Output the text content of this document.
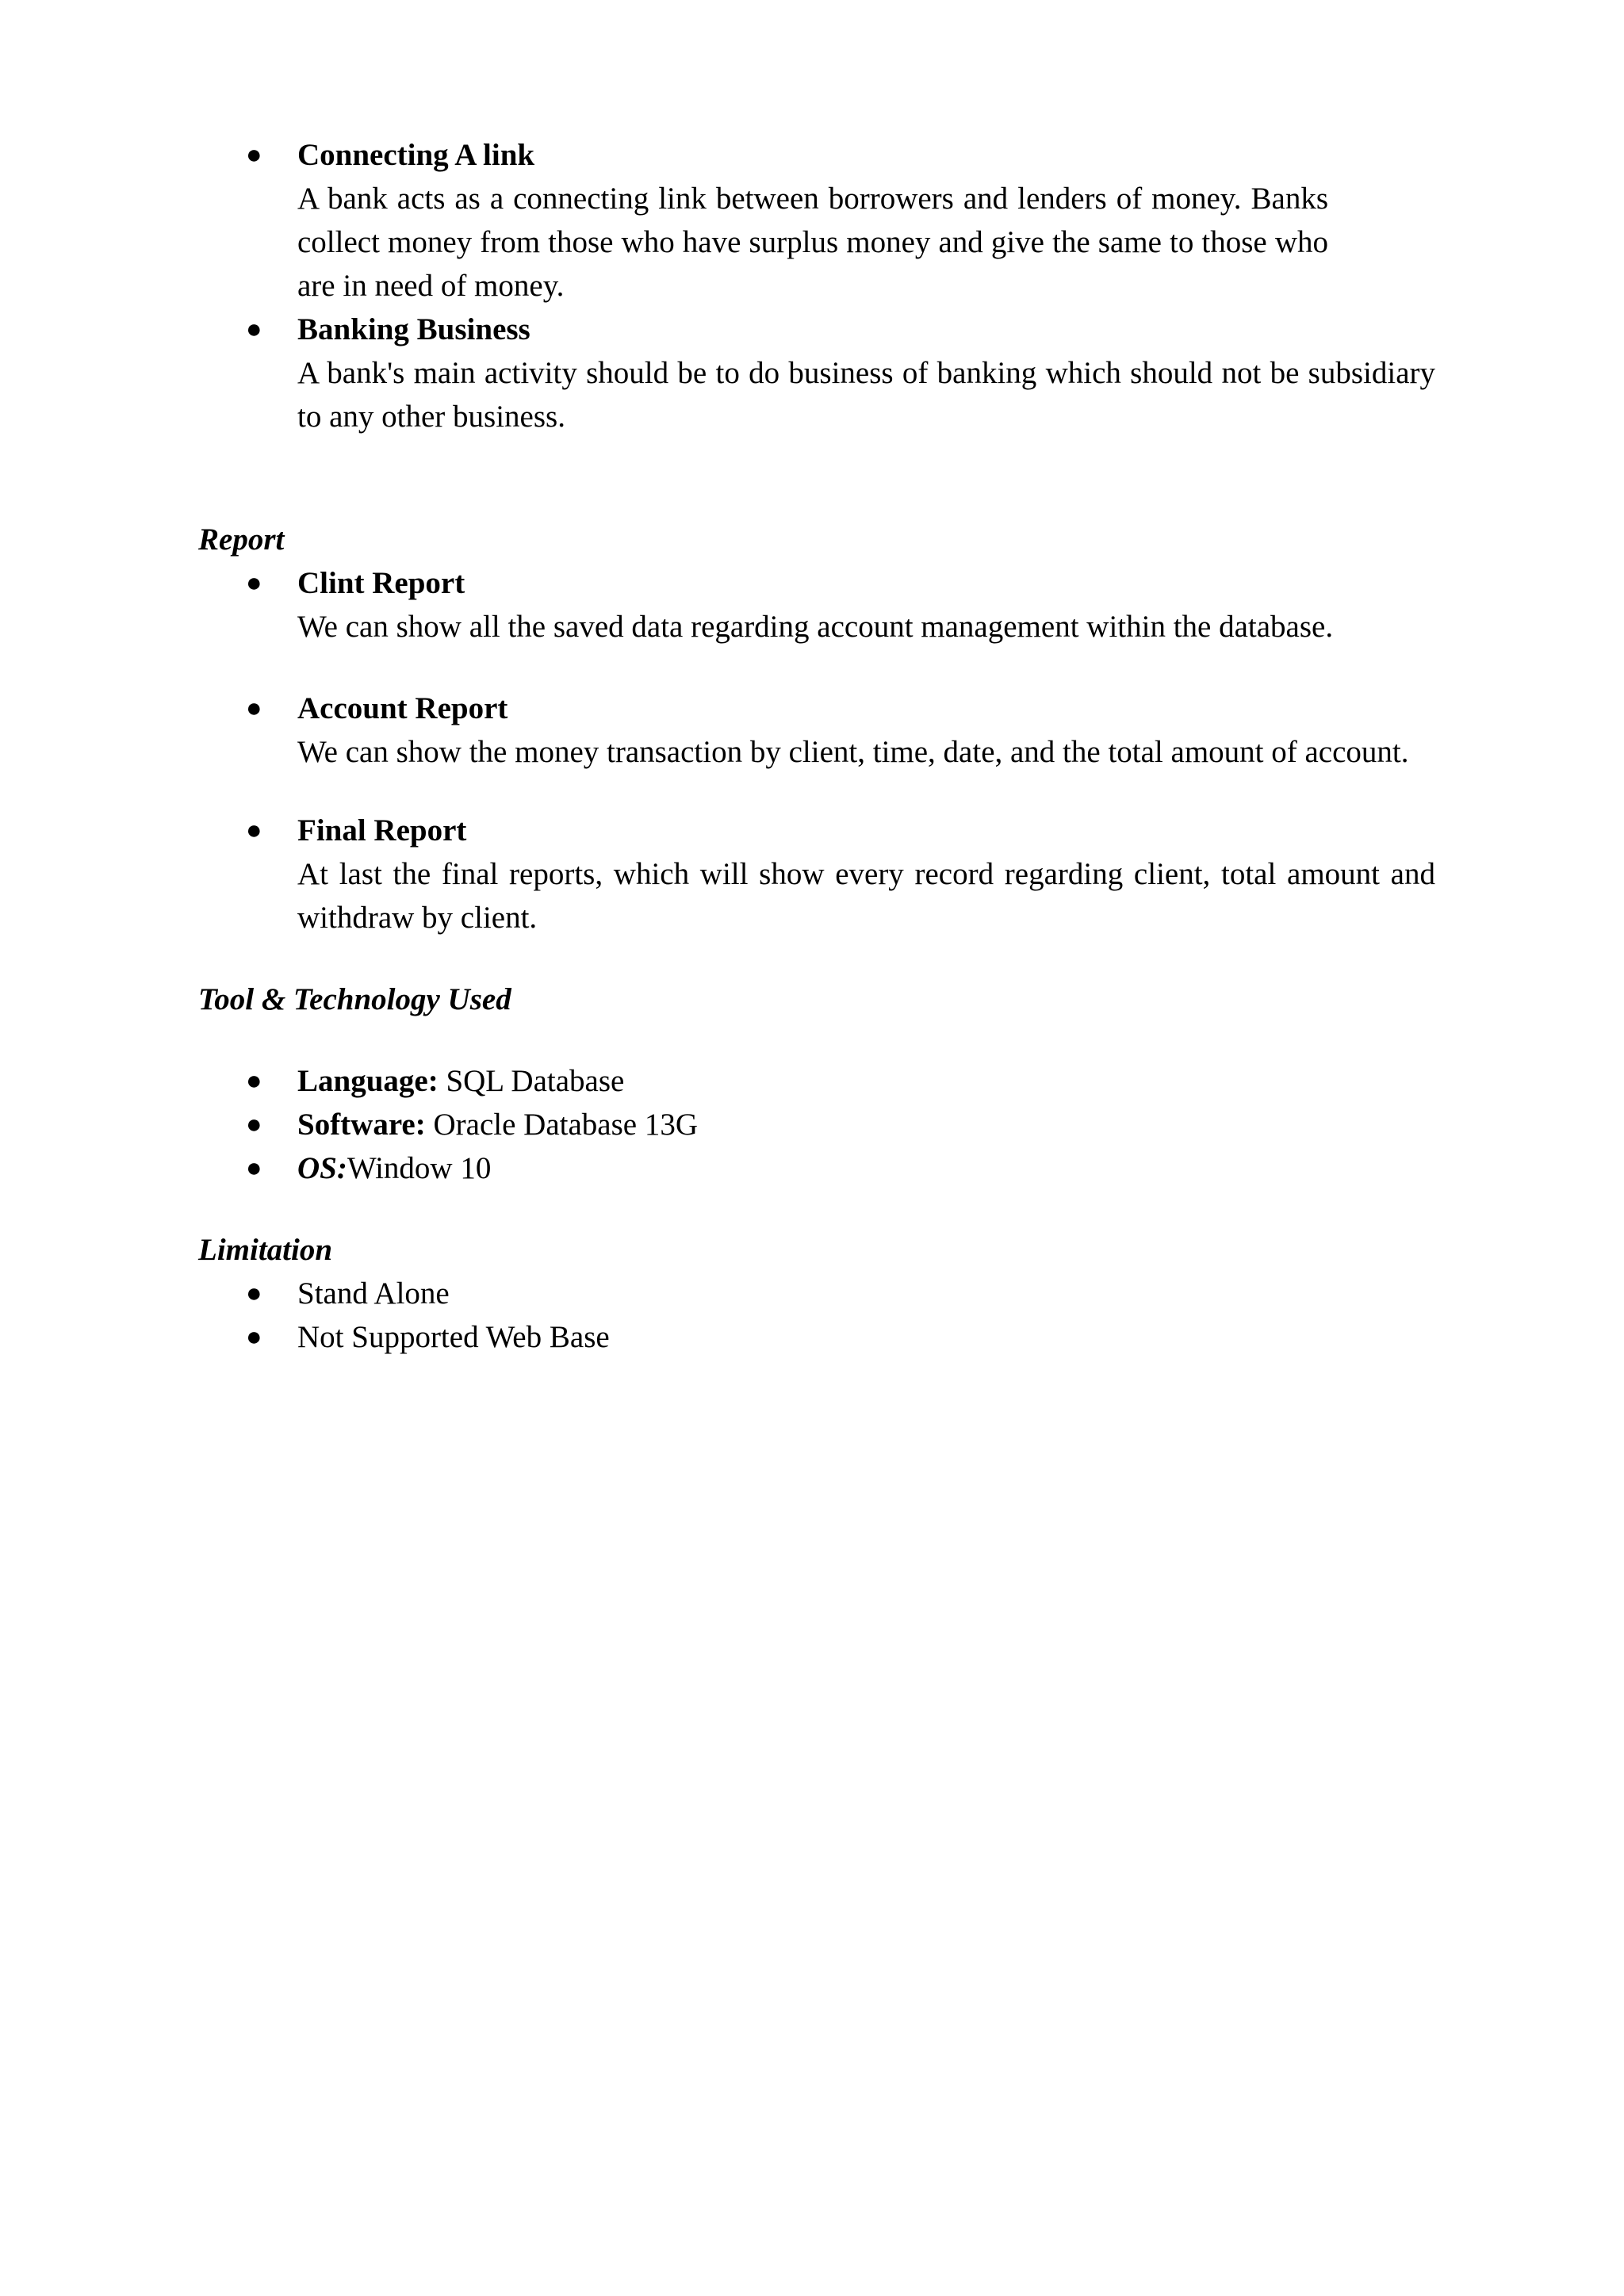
● Connecting A link
A bank acts as a connecting link between borrowers and lenders of money. Banks collect money from those who have surplus money and give the same to those who are in need of money.
● Banking Business
A bank's main activity should be to do business of banking which should not be subsidiary to any other business.
Report
● Clint Report
We can show all the saved data regarding account management within the database.
● Account Report
We can show the money transaction by client, time, date, and the total amount of account.
● Final Report
At last the final reports, which will show every record regarding client, total amount and withdraw by client.
Tool & Technology Used
● Language: SQL Database
● Software: Oracle Database 13G
● OS:Window 10
Limitation
● Stand Alone
● Not Supported Web Base
